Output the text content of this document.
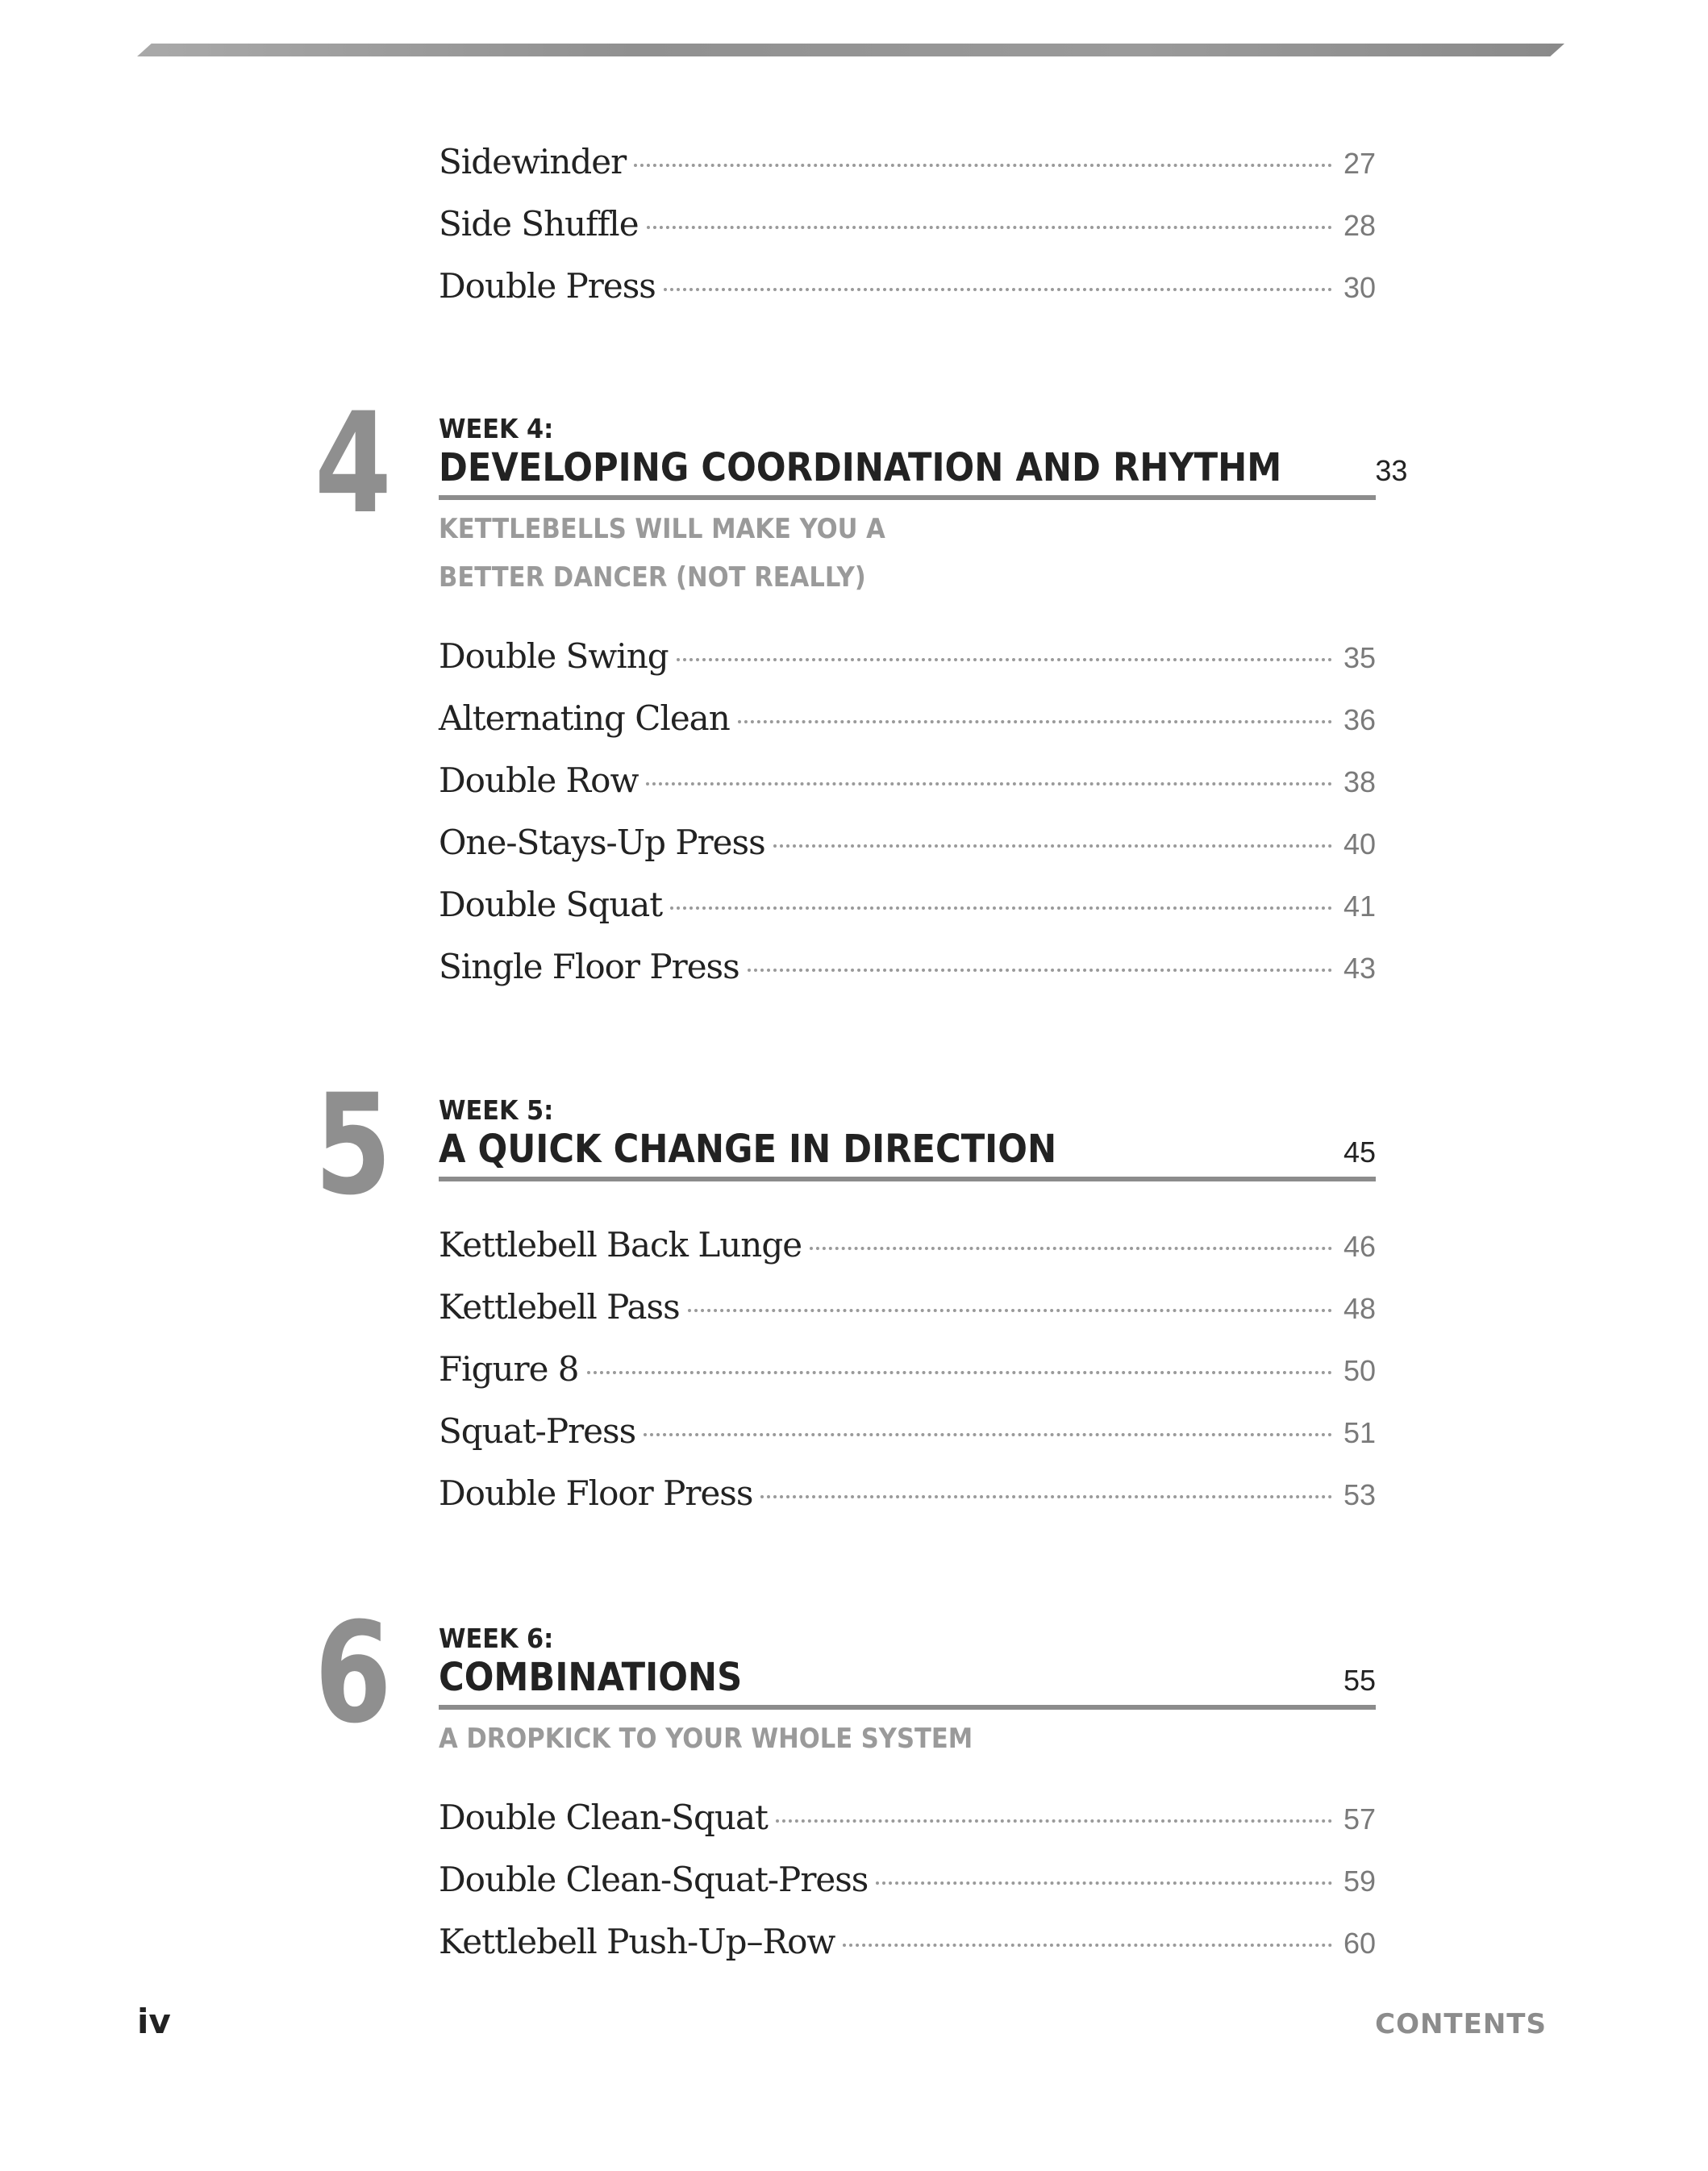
Sidewinder	27
Side Shuffle	28
Double Press	30
4 WEEK 4:
DEVELOPING COORDINATION AND RHYTHM	33
KETTLEBELLS WILL MAKE YOU A
BETTER DANCER (NOT REALLY)
Double Swing	35
Alternating Clean	36
Double Row	38
One-Stays-Up Press	40
Double Squat	41
Single Floor Press	43
5 WEEK 5:
A QUICK CHANGE IN DIRECTION	45
Kettlebell Back Lunge	46
Kettlebell Pass	48
Figure 8	50
Squat-Press	51
Double Floor Press	53
6 WEEK 6:
COMBINATIONS	55
A DROPKICK TO YOUR WHOLE SYSTEM
Double Clean-Squat	57
Double Clean-Squat-Press	59
Kettlebell Push-Up–Row	60
iv	CONTENTS
